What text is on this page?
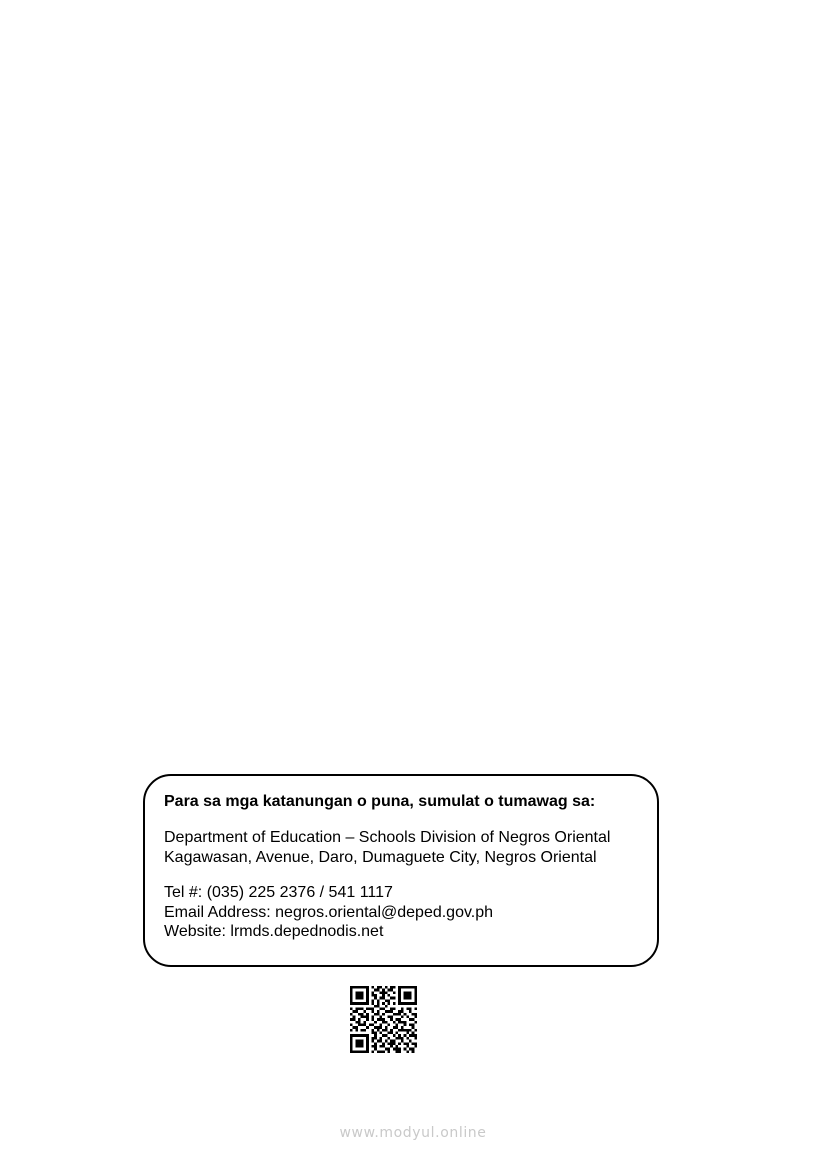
Para sa mga katanungan o puna, sumulat o tumawag sa:

Department of Education – Schools Division of Negros Oriental
Kagawasan, Avenue, Daro, Dumaguete City, Negros Oriental
Tel #: (035) 225 2376 / 541 1117
Email Address: negros.oriental@deped.gov.ph
Website: lrmds.depednodis.net
www.modyul.online
